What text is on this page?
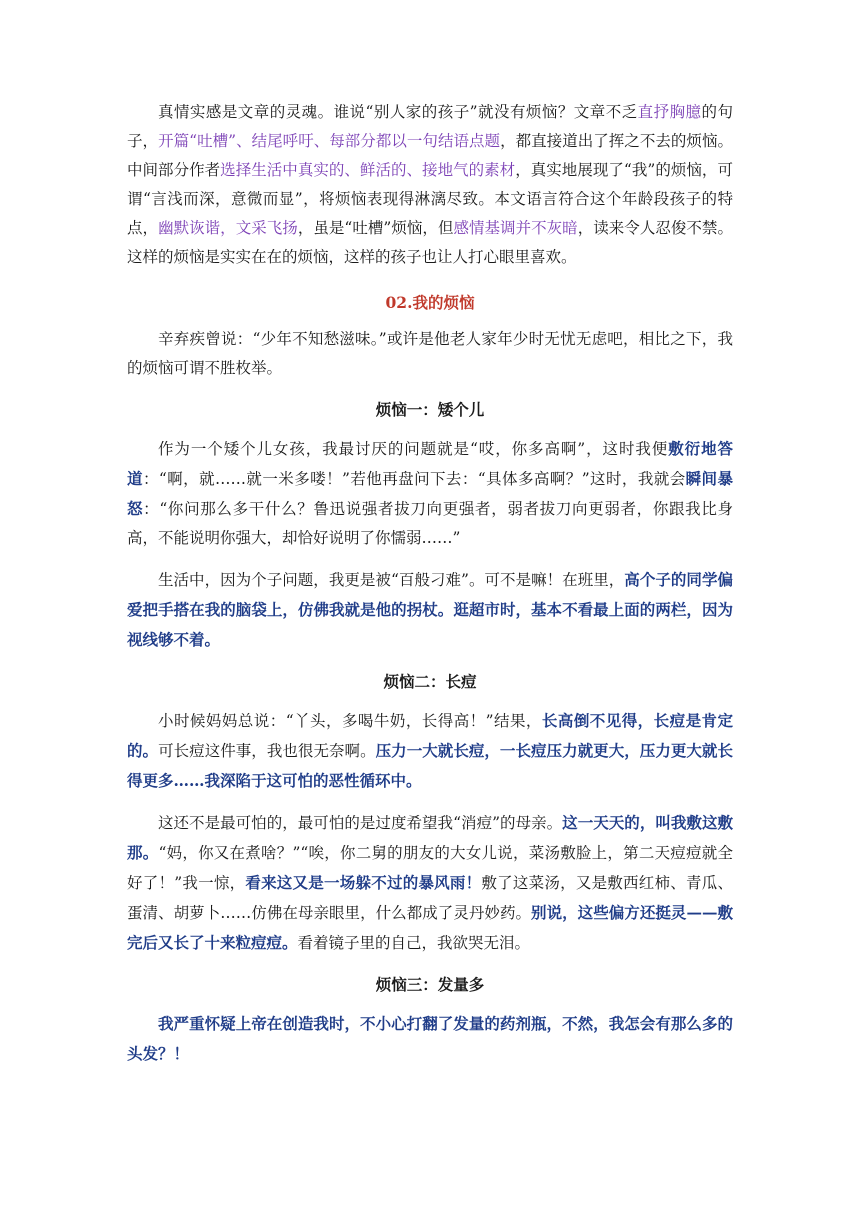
真情实感是文章的灵魂。谁说“别人家的孩子”就没有烦恼？文章不乏直抒胸臆的句子，开篇“吐槽”、结尾呼吁、每部分都以一句结语点题，都直接道出了挥之不去的烦恼。中间部分作者选择生活中真实的、鲜活的、接地气的素材，真实地展现了“我”的烦恼，可谓“言浅而深，意微而显”，将烦恼表现得淋漓尽致。本文语言符合这个年龄段孩子的特点，幽默诙谐，文采飞扬，虽是“吐槽”烦恼，但感情基调并不灰暗，读来令人忍俊不禁。这样的烦恼是实实在在的烦恼，这样的孩子也让人打心眼里喜欢。

02.我的烦恼

辛弃疾曾说：“少年不知愁滋味。”或许是他老人家年少时无忧无虑吧，相比之下，我的烦恼可谓不胜枚举。

烦恼一：矮个儿

作为一个矮个儿女孩，我最讨厌的问题就是“哎，你多高啊”，这时我便敷衍地答道：“啊，就……就一米多喽！”若他再盘问下去：“具体多高啊？”这时，我就会瞬间暴怒：“你问那么多干什么？鲁迅说强者拔刀向更强者，弱者拔刀向更弱者，你跟我比身高，不能说明你强大，却恰好说明了你懦弱……”

生活中，因为个子问题，我更是被“百般刁难”。可不是嘛！在班里，高个子的同学偏爱把手搭在我的脑袋上，仿佛我就是他的拐杖。逛超市时，基本不看最上面的两栏，因为视线够不着。

烦恼二：长痘

小时候妈妈总说：“丫头，多喝牛奶，长得高！”结果，长高倒不见得，长痘是肯定的。可长痘这件事，我也很无奈啊。压力一大就长痘，一长痘压力就更大，压力更大就长得更多……我深陷于这可怕的恶性循环中。

这还不是最可怕的，最可怕的是过度希望我“消痘”的母亲。这一天天的，叫我敷这敷那。“妈，你又在煮啥？”“唉，你二舅的朋友的大女儿说，菜汤敷脸上，第二天痘痘就全好了！”我一惊，看来这又是一场躲不过的暴风雨！敷了这菜汤，又是敷西红柿、青瓜、蛋清、胡萝卜……仿佛在母亲眼里，什么都成了灵丹妙药。别说，这些偏方还挺灵——敷完后又长了十来粒痘痘。看着镜子里的自己，我欲哭无泪。

烦恼三：发量多

我严重怀疑上帝在创造我时，不小心打翻了发量的药剂瓶，不然，我怎会有那么多的头发？！
